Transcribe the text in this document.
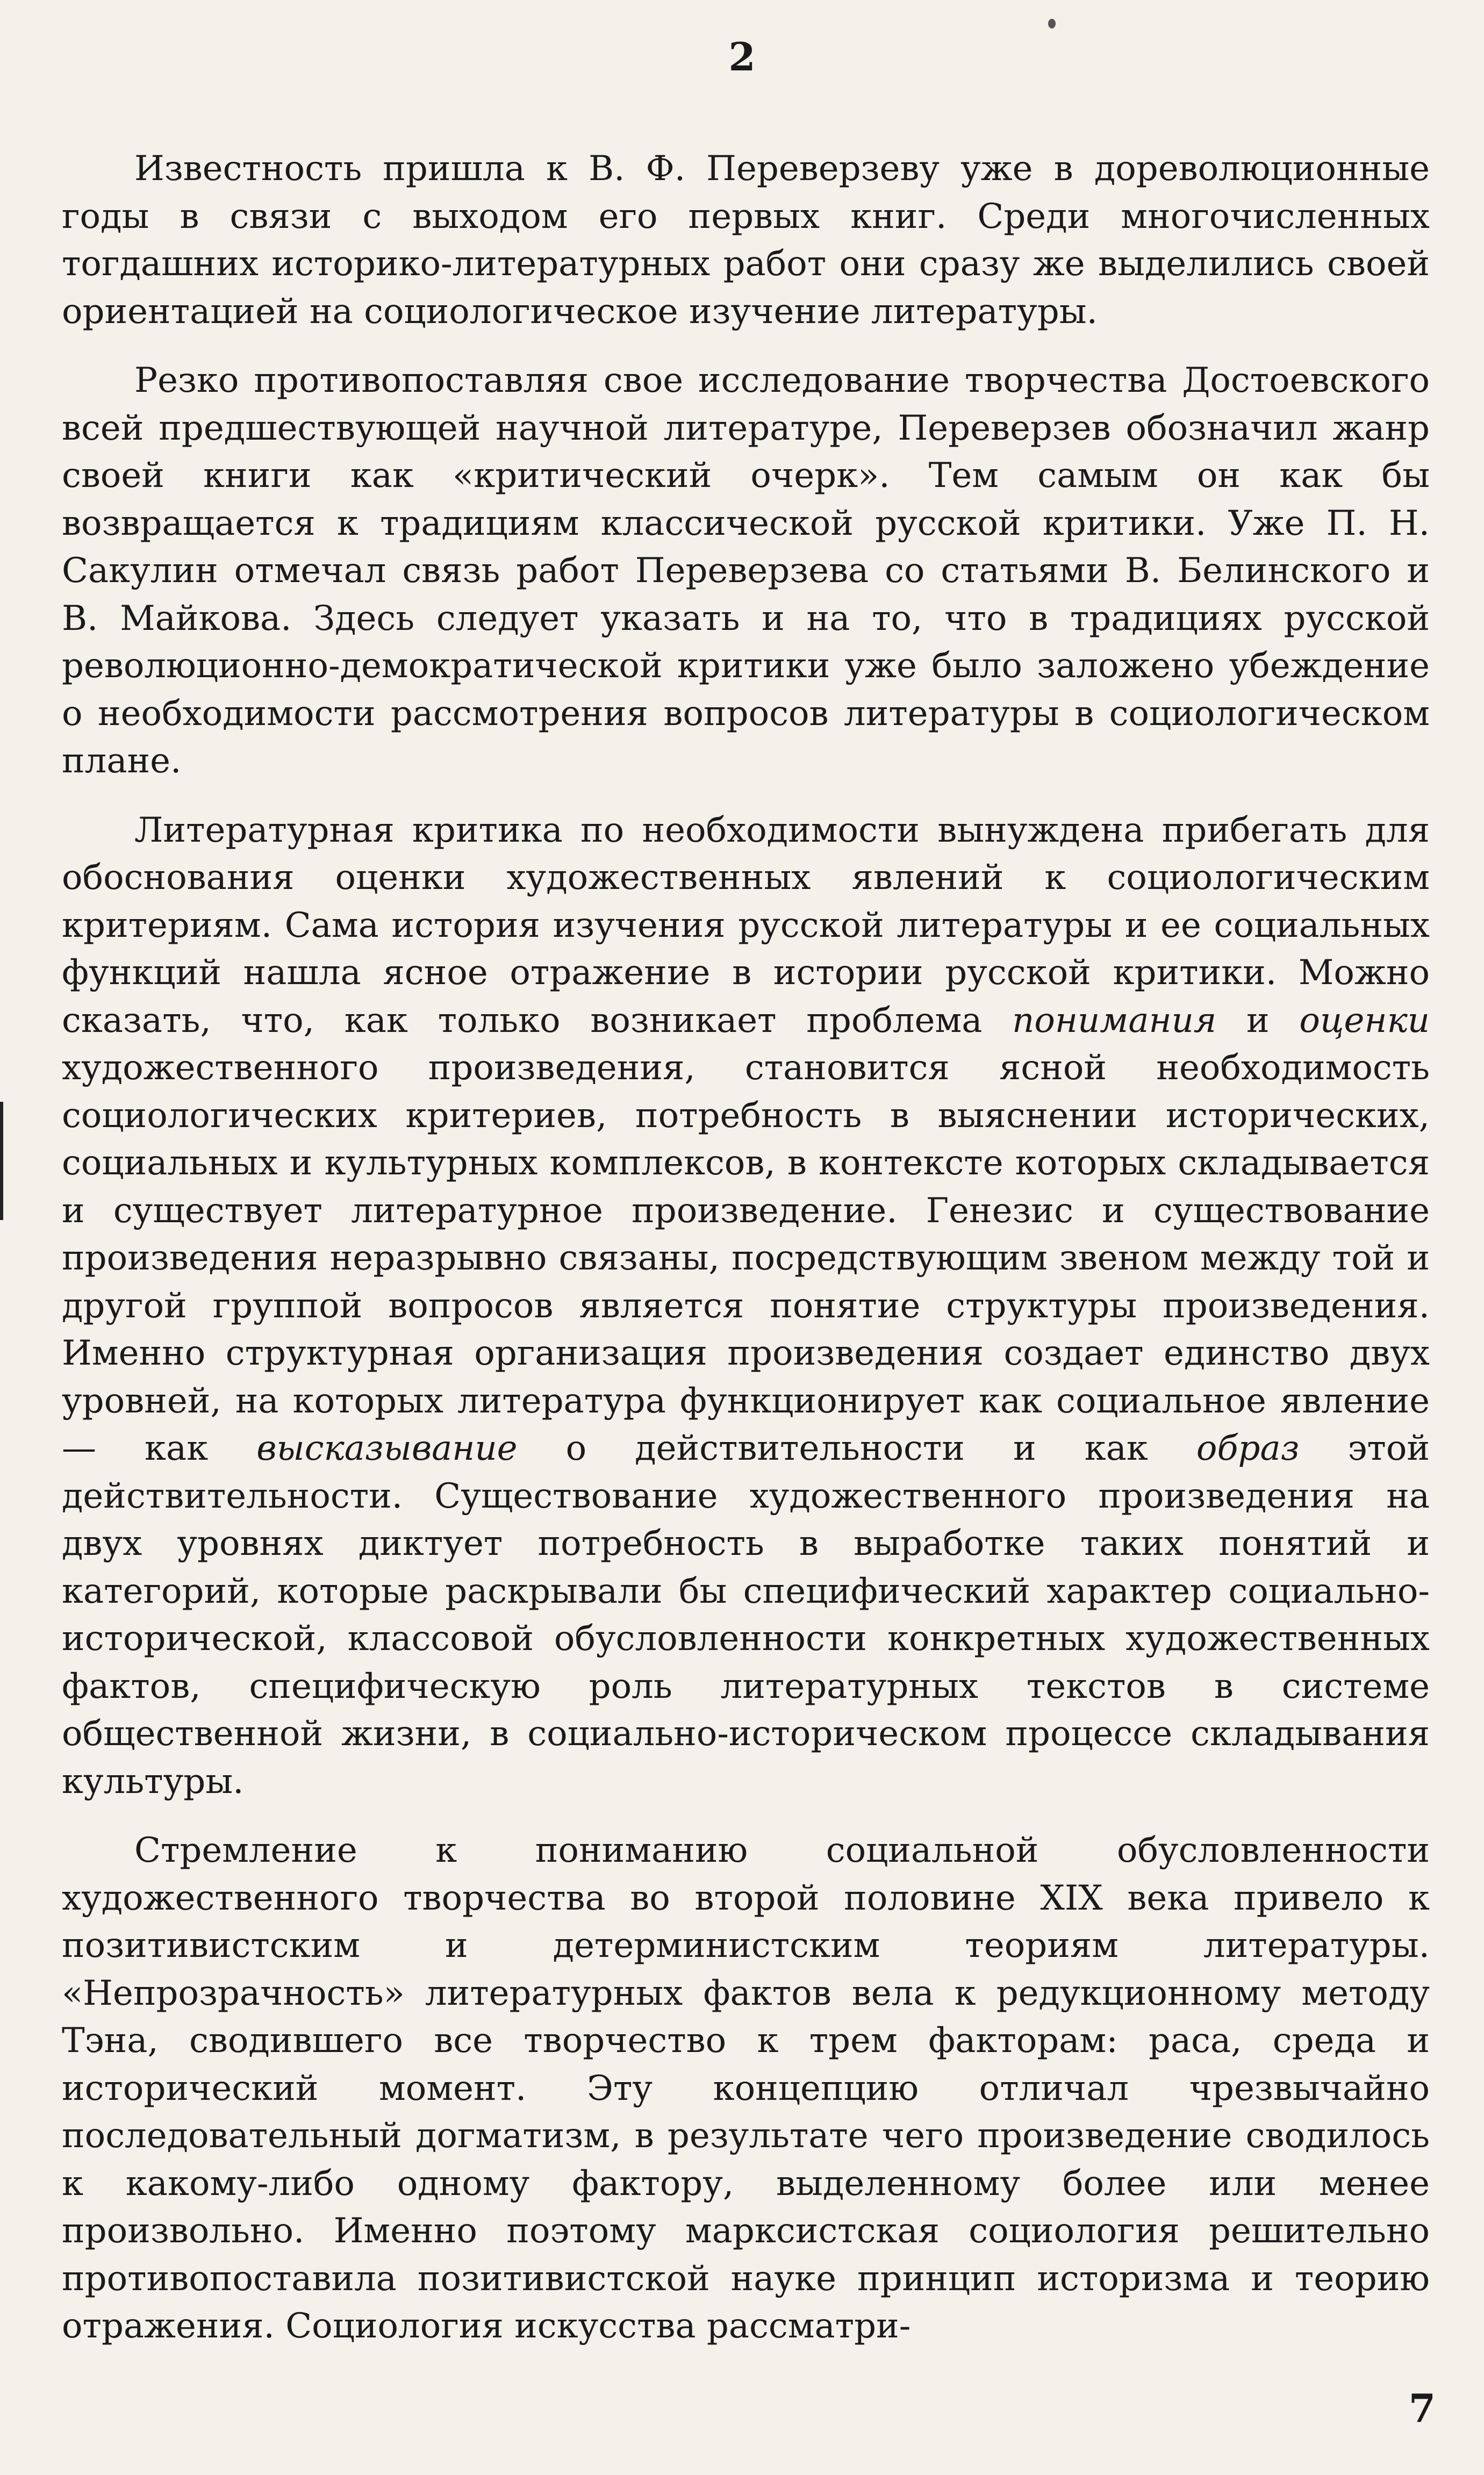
2

Известность пришла к В. Ф. Переверзеву уже в дореволюционные годы в связи с выходом его первых книг. Среди многочисленных тогдашних историко-литературных работ они сразу же выделились своей ориентацией на социологическое изучение литературы.

Резко противопоставляя свое исследование творчества Достоевского всей предшествующей научной литературе, Переверзев обозначил жанр своей книги как «критический очерк». Тем самым он как бы возвращается к традициям классической русской критики. Уже П. Н. Сакулин отмечал связь работ Переверзева со статьями В. Белинского и В. Майкова. Здесь следует указать и на то, что в традициях русской революционно-демократической критики уже было заложено убеждение о необходимости рассмотрения вопросов литературы в социологическом плане.

Литературная критика по необходимости вынуждена прибегать для обоснования оценки художественных явлений к социологическим критериям. Сама история изучения русской литературы и ее социальных функций нашла ясное отражение в истории русской критики. Можно сказать, что, как только возникает проблема понимания и оценки художественного произведения, становится ясной необходимость социологических критериев, потребность в выяснении исторических, социальных и культурных комплексов, в контексте которых складывается и существует литературное произведение. Генезис и существование произведения неразрывно связаны, посредствующим звеном между той и другой группой вопросов является понятие структуры произведения. Именно структурная организация произведения создает единство двух уровней, на которых литература функционирует как социальное явление — как высказывание о действительности и как образ этой действительности. Существование художественного произведения на двух уровнях диктует потребность в выработке таких понятий и категорий, которые раскрывали бы специфический характер социально-исторической, классовой обусловленности конкретных художественных фактов, специфическую роль литературных текстов в системе общественной жизни, в социально-историческом процессе складывания культуры.

Стремление к пониманию социальной обусловленности художественного творчества во второй половине XIX века привело к позитивистским и детерминистским теориям литературы. «Непрозрачность» литературных фактов вела к редукционному методу Тэна, сводившего все творчество к трем факторам: раса, среда и исторический момент. Эту концепцию отличал чрезвычайно последовательный догматизм, в результате чего произведение сводилось к какому-либо одному фактору, выделенному более или менее произвольно. Именно поэтому марксистская социология решительно противопоставила позитивистской науке принцип историзма и теорию отражения. Социология искусства рассматри-

7
